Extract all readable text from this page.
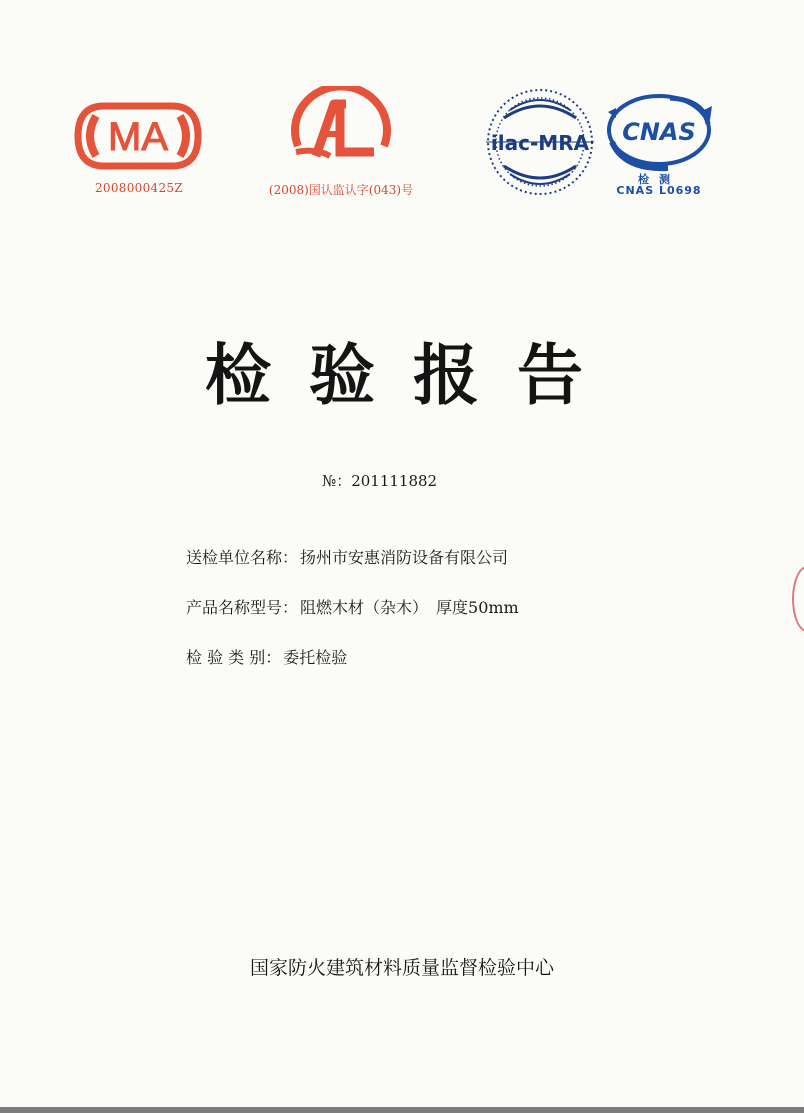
MA
2008000425Z	(2008)国认监认字(043)号
ilac-MRA CNAS
检测
CNAS L0698
检验报告
№：201111882
送检单位名称： 扬州市安惠消防设备有限公司
产品名称型号： 阻燃木材（杂木）　厚度50mm
检 验 类 别： 委托检验
国家防火建筑材料质量监督检验中心
